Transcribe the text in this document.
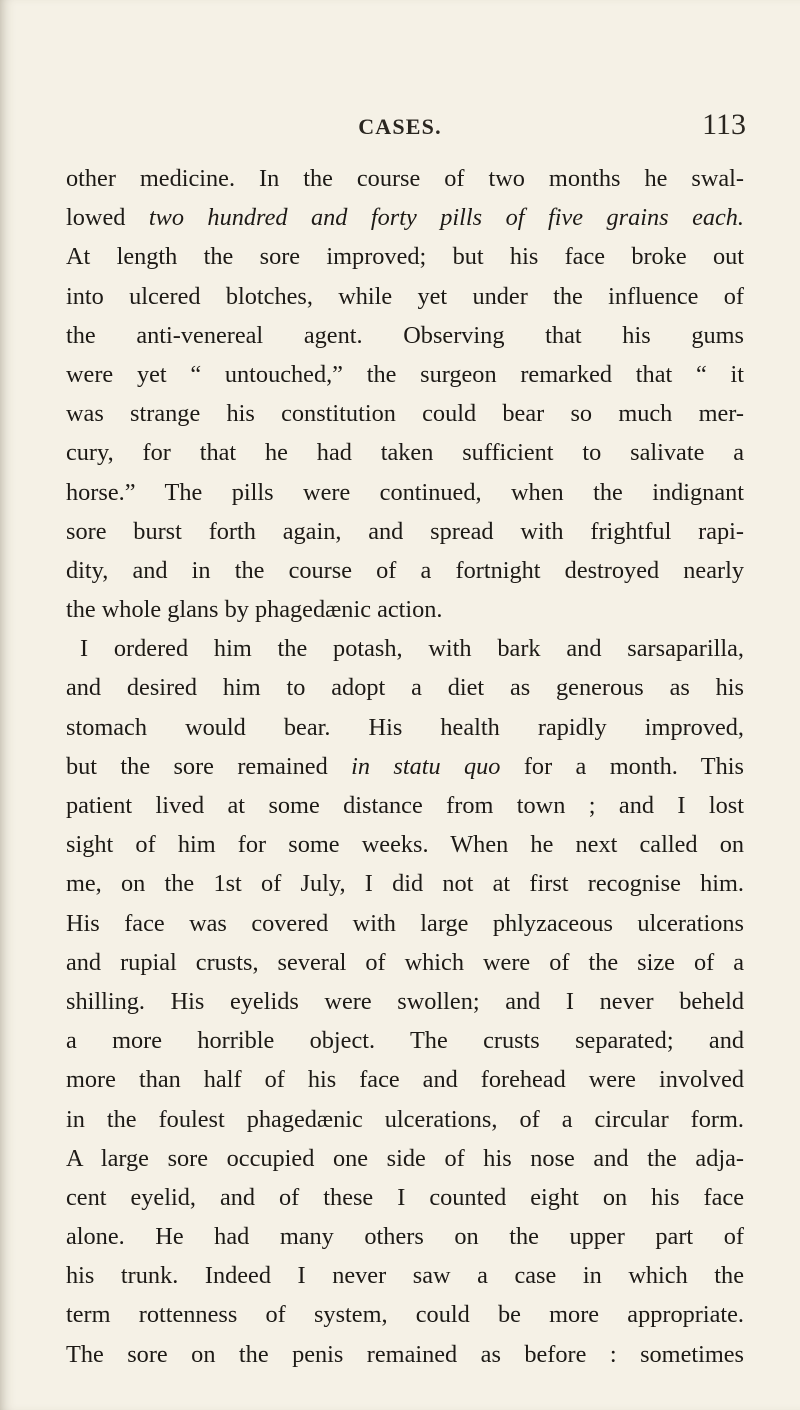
CASES.	113
other medicine. In the course of two months he swal-
lowed two hundred and forty pills of five grains each.
At length the sore improved; but his face broke out
into ulcered blotches, while yet under the influence of
the anti-venereal agent. Observing that his gums
were yet “ untouched,” the surgeon remarked that “ it
was strange his constitution could bear so much mer-
cury, for that he had taken sufficient to salivate a
horse.” The pills were continued, when the indignant
sore burst forth again, and spread with frightful rapi-
dity, and in the course of a fortnight destroyed nearly
the whole glans by phagedænic action.
I ordered him the potash, with bark and sarsaparilla,
and desired him to adopt a diet as generous as his
stomach would bear. His health rapidly improved,
but the sore remained in statu quo for a month. This
patient lived at some distance from town ; and I lost
sight of him for some weeks. When he next called on
me, on the 1st of July, I did not at first recognise him.
His face was covered with large phlyzaceous ulcerations
and rupial crusts, several of which were of the size of a
shilling. His eyelids were swollen; and I never beheld
a more horrible object. The crusts separated; and
more than half of his face and forehead were involved
in the foulest phagedænic ulcerations, of a circular form.
A large sore occupied one side of his nose and the adja-
cent eyelid, and of these I counted eight on his face
alone. He had many others on the upper part of
his trunk. Indeed I never saw a case in which the
term rottenness of system, could be more appropriate.
The sore on the penis remained as before : sometimes
